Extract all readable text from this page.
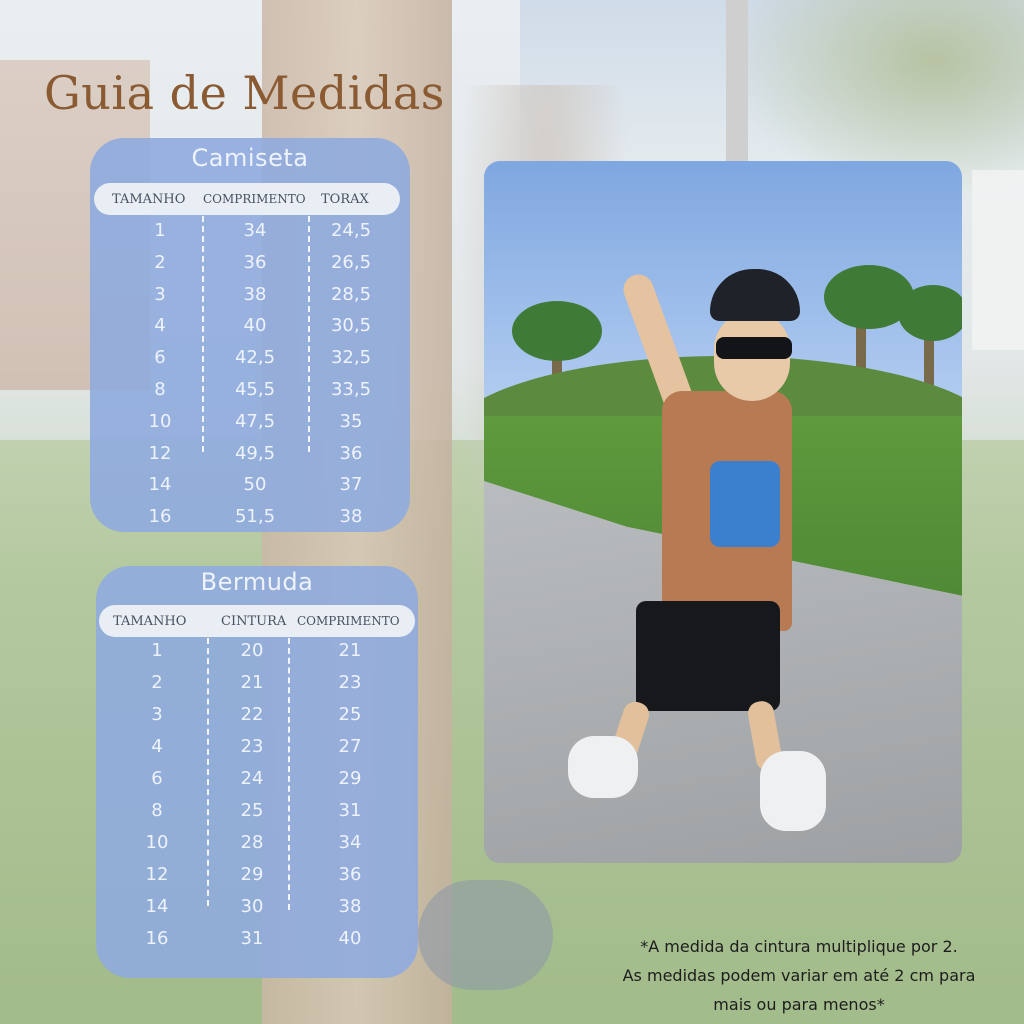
Guia de Medidas
Camiseta
TAMANHO COMPRIMENTO TORAX
1
2
3
4
6
8
10
12
14
16
34
36
38
40
42,5
45,5
47,5
49,5
50
51,5
24,5
26,5
28,5
30,5
32,5
33,5
35
36
37
38
Bermuda
TAMANHO	CINTURA COMPRIMENTO
1
2
3
4
6
8
10
12
14
16
20
21
22
23
24
25
28
29
30
31
21
23
25
27
29
31
34
36
38
40	*A medida da cintura multiplique por 2.
As medidas podem variar em até 2 cm para
mais ou para menos*
